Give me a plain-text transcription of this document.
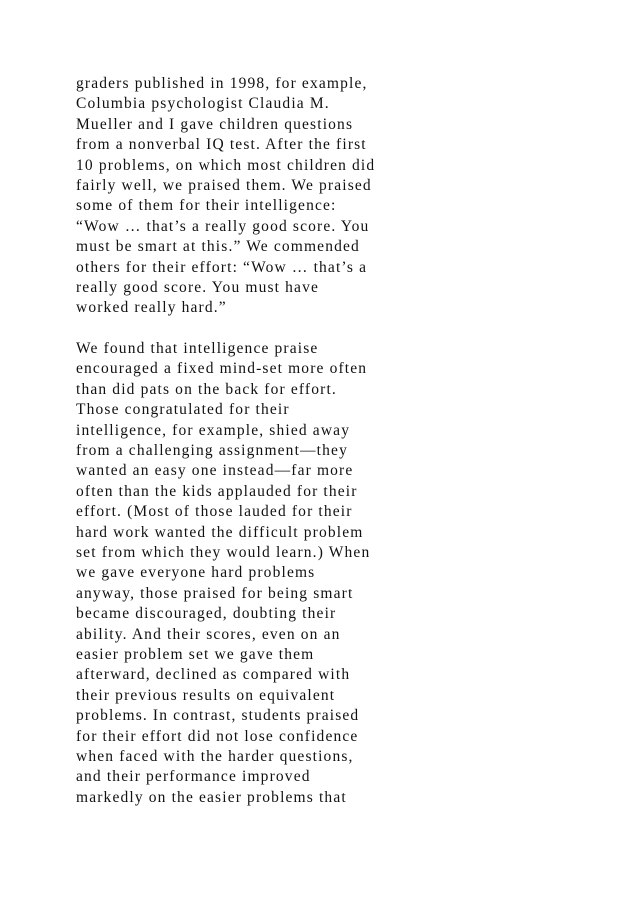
graders published in 1998, for example,
Columbia psychologist Claudia M.
Mueller and I gave children questions
from a nonverbal IQ test. After the first
10 problems, on which most children did
fairly well, we praised them. We praised
some of them for their intelligence:
“Wow … that’s a really good score. You
must be smart at this.” We commended
others for their effort: “Wow … that’s a
really good score. You must have
worked really hard.”
We found that intelligence praise
encouraged a fixed mind-set more often
than did pats on the back for effort.
Those congratulated for their
intelligence, for example, shied away
from a challenging assignment—they
wanted an easy one instead—far more
often than the kids applauded for their
effort. (Most of those lauded for their
hard work wanted the difficult problem
set from which they would learn.) When
we gave everyone hard problems
anyway, those praised for being smart
became discouraged, doubting their
ability. And their scores, even on an
easier problem set we gave them
afterward, declined as compared with
their previous results on equivalent
problems. In contrast, students praised
for their effort did not lose confidence
when faced with the harder questions,
and their performance improved
markedly on the easier problems that
